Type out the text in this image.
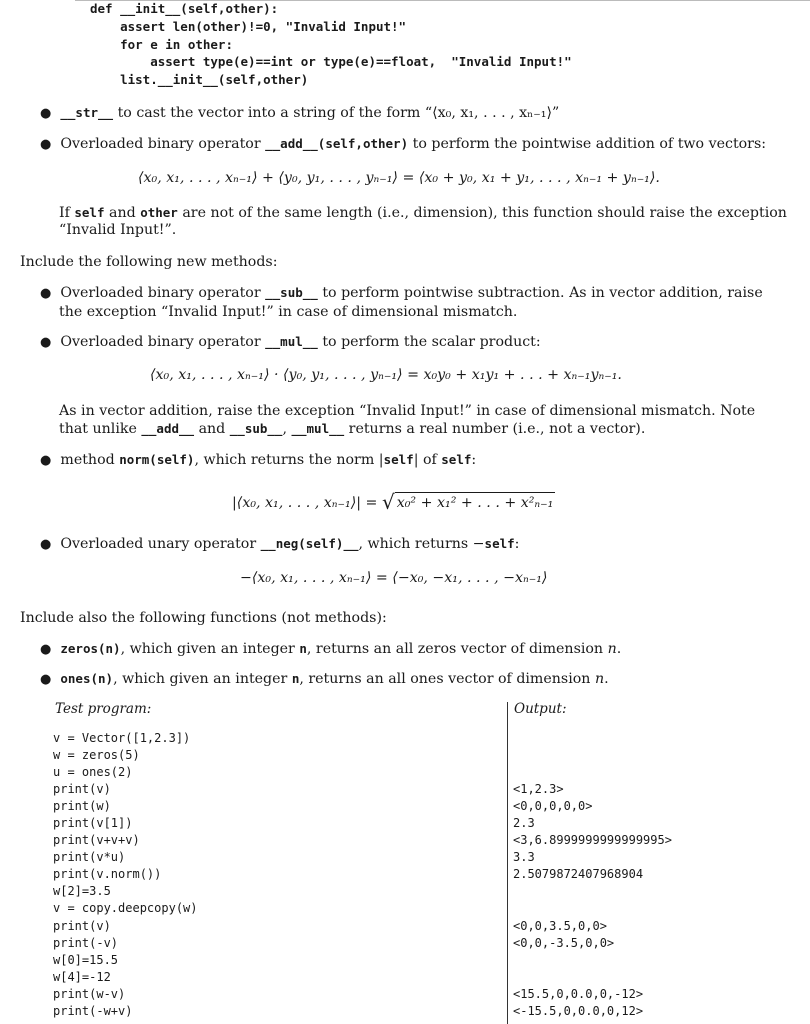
def __init__(self,other):
assert len(other)!=0, "Invalid Input!"
for e in other:
assert type(e)==int or type(e)==float,  "Invalid Input!"
list.__init__(self,other)
● __str__ to cast the vector into a string of the form “⟨x₀, x₁, . . . , xₙ₋₁⟩”
● Overloaded binary operator __add__(self,other) to perform the pointwise addition of two vectors:
⟨x₀, x₁, . . . , xₙ₋₁⟩ + ⟨y₀, y₁, . . . , yₙ₋₁⟩ = ⟨x₀ + y₀, x₁ + y₁, . . . , xₙ₋₁ + yₙ₋₁⟩.
If self and other are not of the same length (i.e., dimension), this function should raise the exception
“Invalid Input!”.
Include the following new methods:
● Overloaded binary operator __sub__ to perform pointwise subtraction. As in vector addition, raise
the exception “Invalid Input!” in case of dimensional mismatch.
● Overloaded binary operator __mul__ to perform the scalar product:
⟨x₀, x₁, . . . , xₙ₋₁⟩ · ⟨y₀, y₁, . . . , yₙ₋₁⟩ = x₀y₀ + x₁y₁ + . . . + xₙ₋₁yₙ₋₁.
As in vector addition, raise the exception “Invalid Input!” in case of dimensional mismatch. Note
that unlike __add__ and __sub__, __mul__ returns a real number (i.e., not a vector).
● method norm(self), which returns the norm |self| of self:
|⟨x₀, x₁, . . . , xₙ₋₁⟩| = √ x₀² + x₁² + . . . + x²ₙ₋₁
● Overloaded unary operator __neg(self)__, which returns −self:
−⟨x₀, x₁, . . . , xₙ₋₁⟩ = ⟨−x₀, −x₁, . . . , −xₙ₋₁⟩
Include also the following functions (not methods):
● zeros(n), which given an integer n, returns an all zeros vector of dimension n.
● ones(n), which given an integer n, returns an all ones vector of dimension n.
Test program:	Output:
v = Vector([1,2.3])
w = zeros(5)
u = ones(2)
print(v)
print(w)
print(v[1])
print(v+v+v)
print(v*u)
print(v.norm())
w[2]=3.5
v = copy.deepcopy(w)
print(v)
print(-v)
w[0]=15.5
w[4]=-12
print(w-v)
print(-w+v)
<1,2.3>
<0,0,0,0,0>
2.3
<3,6.8999999999999995>
3.3
2.5079872407968904
<0,0,3.5,0,0>
<0,0,-3.5,0,0>
<15.5,0,0.0,0,-12>
<-15.5,0,0.0,0,12>
